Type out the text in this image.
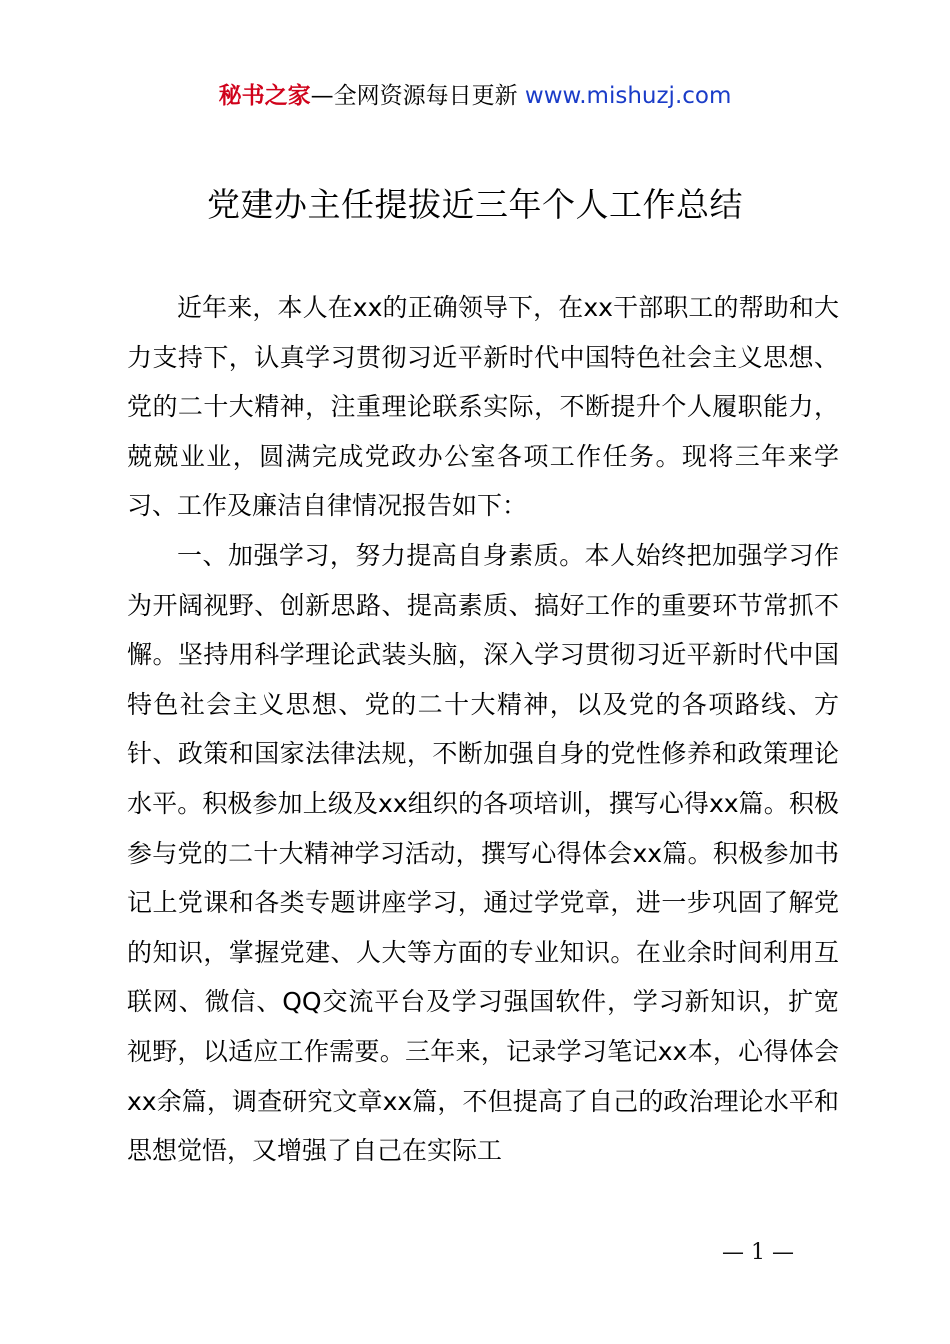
秘书之家—全网资源每日更新 www.mishuzj.com
党建办主任提拔近三年个人工作总结

近年来，本人在xx的正确领导下，在xx干部职工的帮助和大力支持下，认真学习贯彻习近平新时代中国特色社会主义思想、党的二十大精神，注重理论联系实际，不断提升个人履职能力，兢兢业业，圆满完成党政办公室各项工作任务。现将三年来学习、工作及廉洁自律情况报告如下：

一、加强学习，努力提高自身素质。本人始终把加强学习作为开阔视野、创新思路、提高素质、搞好工作的重要环节常抓不懈。坚持用科学理论武装头脑，深入学习贯彻习近平新时代中国特色社会主义思想、党的二十大精神，以及党的各项路线、方针、政策和国家法律法规，不断加强自身的党性修养和政策理论水平。积极参加上级及xx组织的各项培训，撰写心得xx篇。积极参与党的二十大精神学习活动，撰写心得体会xx篇。积极参加书记上党课和各类专题讲座学习，通过学党章，进一步巩固了解党的知识，掌握党建、人大等方面的专业知识。在业余时间利用互联网、微信、QQ交流平台及学习强国软件，学习新知识，扩宽视野，以适应工作需要。三年来，记录学习笔记xx本，心得体会xx余篇，调查研究文章xx篇，不但提高了自己的政治理论水平和思想觉悟，又增强了自己在实际工

— 1 —
